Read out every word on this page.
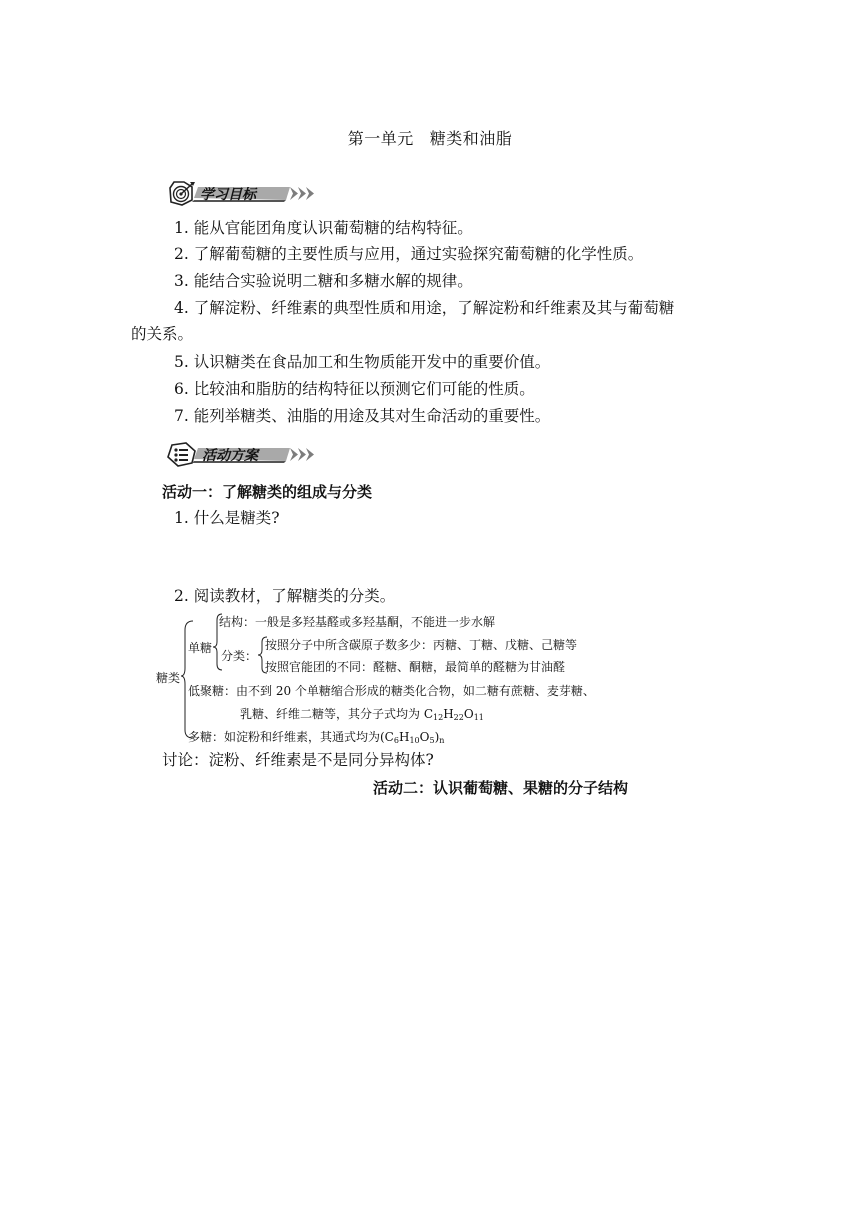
第一单元 糖类和油脂
学习目标
1. 能从官能团角度认识葡萄糖的结构特征。
2. 了解葡萄糖的主要性质与应用，通过实验探究葡萄糖的化学性质。
3. 能结合实验说明二糖和多糖水解的规律。
4. 了解淀粉、纤维素的典型性质和用途，了解淀粉和纤维素及其与葡萄糖
的关系。
5. 认识糖类在食品加工和生物质能开发中的重要价值。
6. 比较油和脂肪的结构特征以预测它们可能的性质。
7. 能列举糖类、油脂的用途及其对生命活动的重要性。
活动方案
活动一：了解糖类的组成与分类
1. 什么是糖类?
2. 阅读教材，了解糖类的分类。
糖类
单糖
结构：一般是多羟基醛或多羟基酮，不能进一步水解
分类：
按照分子中所含碳原子数多少：丙糖、丁糖、戊糖、己糖等
按照官能团的不同：醛糖、酮糖，最简单的醛糖为甘油醛
低聚糖：由不到 20 个单糖缩合形成的糖类化合物，如二糖有蔗糖、麦芽糖、
乳糖、纤维二糖等，其分子式均为 $C_{12}H_{22}O_{11}$
多糖：如淀粉和纤维素，其通式均为$(C_6H_{10}O_5)_n$
讨论：淀粉、纤维素是不是同分异构体?
活动二：认识葡萄糖、果糖的分子结构
